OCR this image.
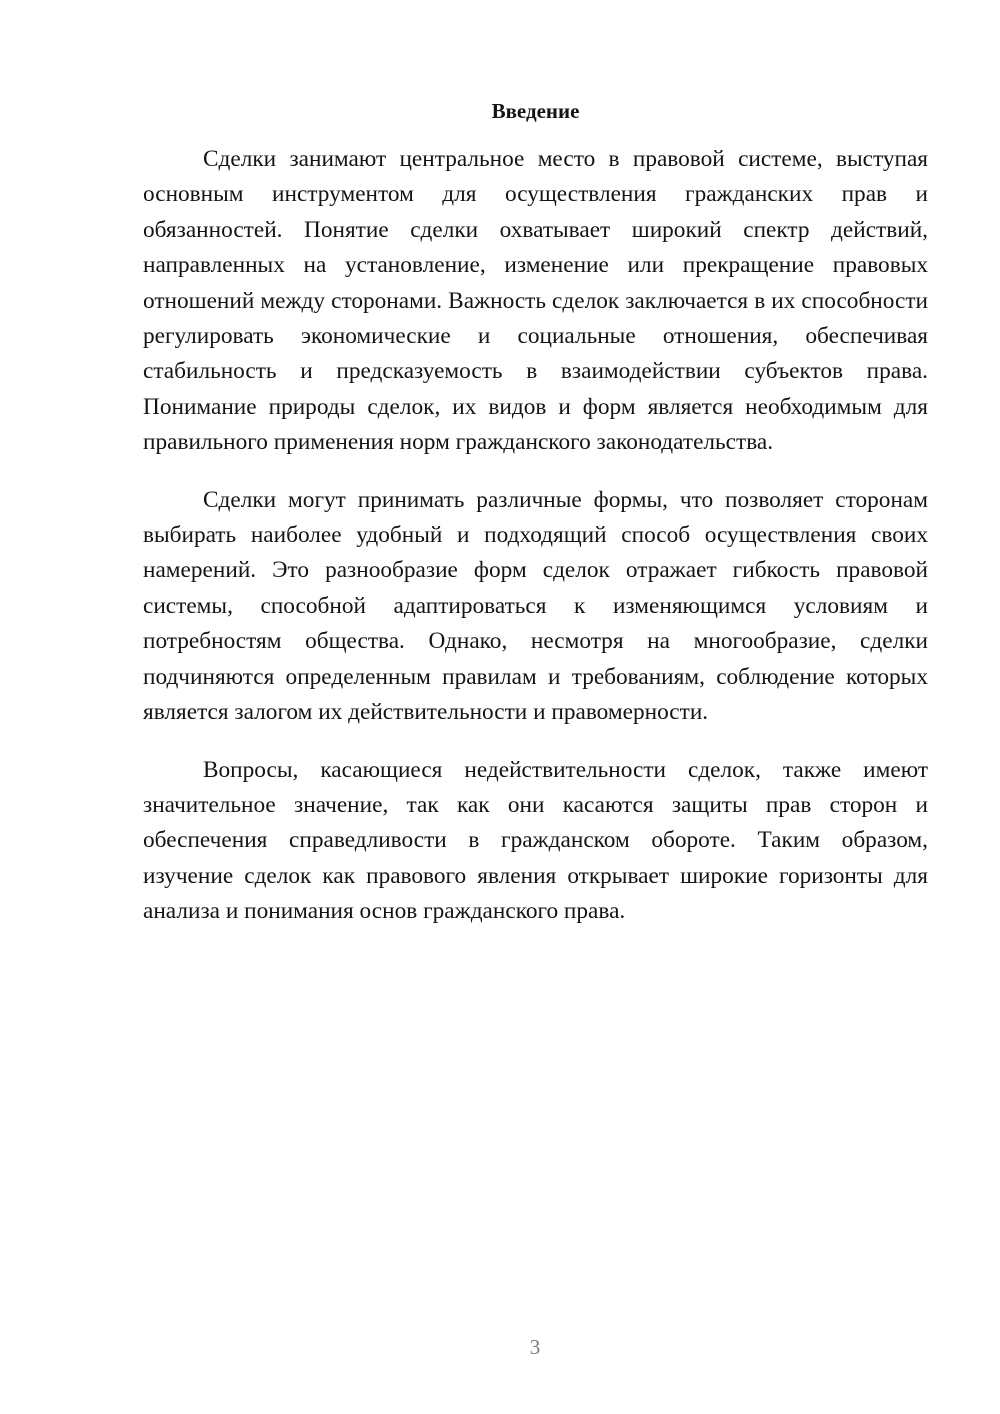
Введение

Сделки занимают центральное место в правовой системе, выступая основным инструментом для осуществления гражданских прав и обязанностей. Понятие сделки охватывает широкий спектр действий, направленных на установление, изменение или прекращение правовых отношений между сторонами. Важность сделок заключается в их способности регулировать экономические и социальные отношения, обеспечивая стабильность и предсказуемость в взаимодействии субъектов права. Понимание природы сделок, их видов и форм является необходимым для правильного применения норм гражданского законодательства.

Сделки могут принимать различные формы, что позволяет сторонам выбирать наиболее удобный и подходящий способ осуществления своих намерений. Это разнообразие форм сделок отражает гибкость правовой системы, способной адаптироваться к изменяющимся условиям и потребностям общества. Однако, несмотря на многообразие, сделки подчиняются определенным правилам и требованиям, соблюдение которых является залогом их действительности и правомерности.

Вопросы, касающиеся недействительности сделок, также имеют значительное значение, так как они касаются защиты прав сторон и обеспечения справедливости в гражданском обороте. Таким образом, изучение сделок как правового явления открывает широкие горизонты для анализа и понимания основ гражданского права.

3
